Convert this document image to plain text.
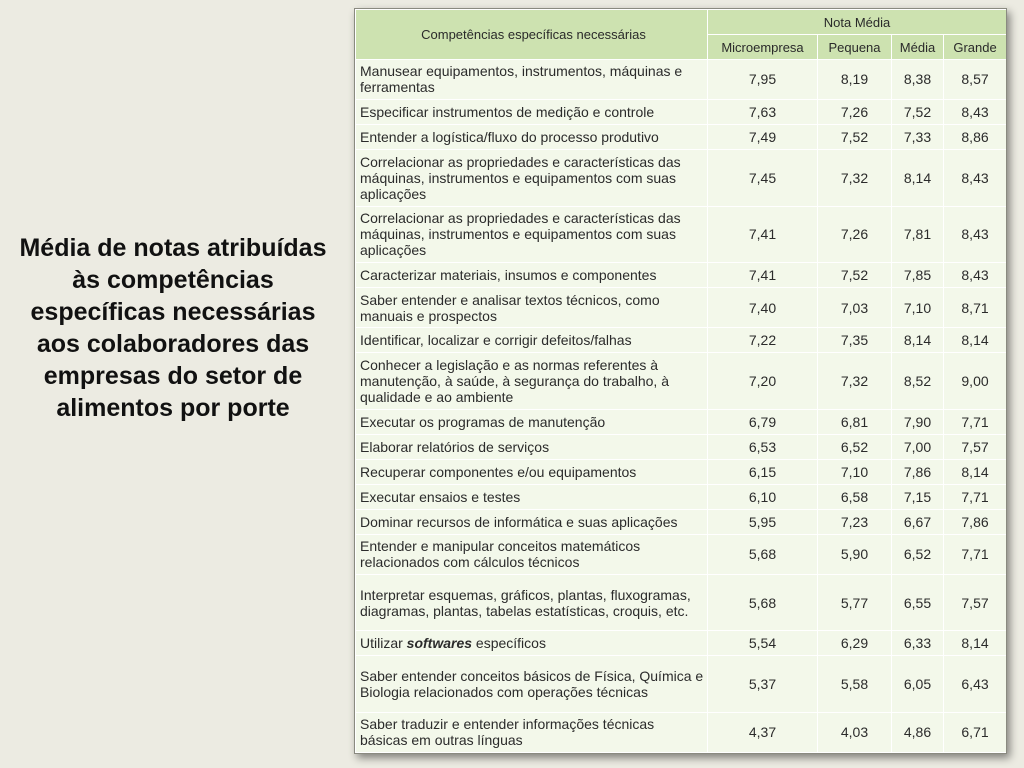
Média de notas atribuídas às competências específicas necessárias aos colaboradores das empresas do setor de alimentos por porte
Competências específicas necessárias	Nota Média			
	Microempresa	Pequena	Média	Grande
Manusear equipamentos, instrumentos, máquinas e ferramentas	7,95	8,19	8,38	8,57
Especificar instrumentos de medição e controle	7,63	7,26	7,52	8,43
Entender a logística/fluxo do processo produtivo	7,49	7,52	7,33	8,86
Correlacionar as propriedades e características das máquinas, instrumentos e equipamentos com suas aplicações	7,45	7,32	8,14	8,43
Correlacionar as propriedades e características das máquinas, instrumentos e equipamentos com suas aplicações	7,41	7,26	7,81	8,43
Caracterizar materiais, insumos e componentes	7,41	7,52	7,85	8,43
Saber entender e analisar textos técnicos, como manuais e prospectos	7,40	7,03	7,10	8,71
Identificar, localizar e corrigir defeitos/falhas	7,22	7,35	8,14	8,14
Conhecer a legislação e as normas referentes à manutenção, à saúde, à segurança do trabalho, à qualidade e ao ambiente	7,20	7,32	8,52	9,00
Executar os programas de manutenção	6,79	6,81	7,90	7,71
Elaborar relatórios de serviços	6,53	6,52	7,00	7,57
Recuperar componentes e/ou equipamentos	6,15	7,10	7,86	8,14
Executar ensaios e testes	6,10	6,58	7,15	7,71
Dominar recursos de informática e suas aplicações	5,95	7,23	6,67	7,86
Entender e manipular conceitos matemáticos relacionados com cálculos técnicos	5,68	5,90	6,52	7,71
Interpretar esquemas, gráficos, plantas, fluxogramas, diagramas, plantas, tabelas estatísticas, croquis, etc.	5,68	5,77	6,55	7,57
Utilizar softwares específicos	5,54	6,29	6,33	8,14
Saber entender conceitos básicos de Física, Química e Biologia relacionados com operações técnicas	5,37	5,58	6,05	6,43
Saber traduzir e entender informações técnicas básicas em outras línguas	4,37	4,03	4,86	6,71
